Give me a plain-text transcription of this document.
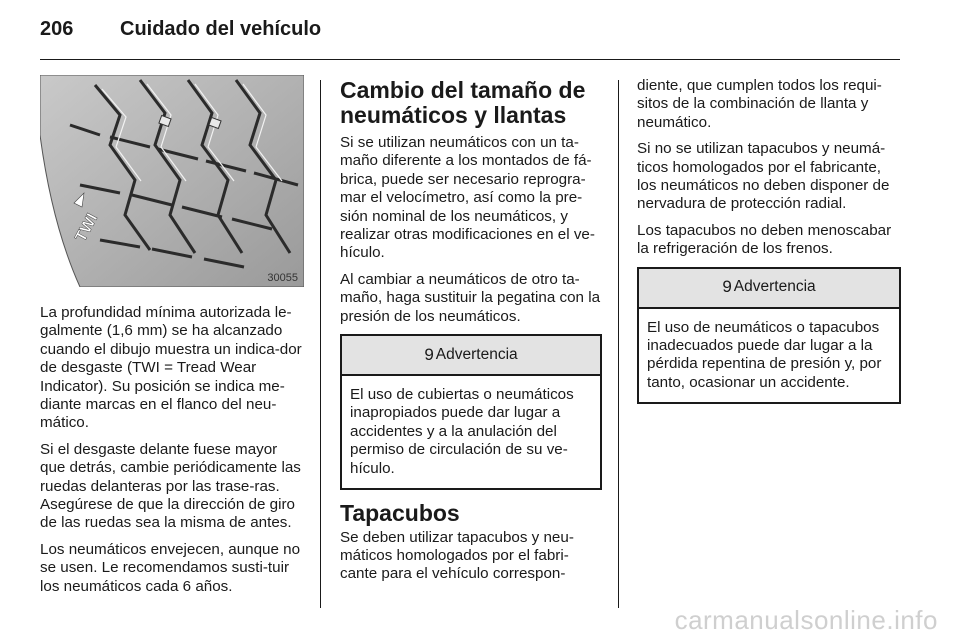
206 Cuidado del vehículo
TWI
30055

La profundidad mínima autorizada le-galmente (1,6 mm) se ha alcanzado cuando el dibujo muestra un indica-dor de desgaste (TWI = Tread Wear Indicator). Su posición se indica me-diante marcas en el flanco del neu-mático.

Si el desgaste delante fuese mayor que detrás, cambie periódicamente las ruedas delanteras por las trase-ras. Asegúrese de que la dirección de giro de las ruedas sea la misma de antes.

Los neumáticos envejecen, aunque no se usen. Le recomendamos susti-tuir los neumáticos cada 6 años.

Cambio del tamaño de neumáticos y llantas

Si se utilizan neumáticos con un ta-maño diferente a los montados de fá-brica, puede ser necesario reprogra-mar el velocímetro, así como la pre-sión nominal de los neumáticos, y realizar otras modificaciones en el ve-hículo.

Al cambiar a neumáticos de otro ta-maño, haga sustituir la pegatina con la presión de los neumáticos.

9 Advertencia
El uso de cubiertas o neumáticos inapropiados puede dar lugar a accidentes y a la anulación del permiso de circulación de su ve-hículo.
Tapacubos

Se deben utilizar tapacubos y neu-máticos homologados por el fabri-cante para el vehículo correspon-

diente, que cumplen todos los requi-sitos de la combinación de llanta y neumático.

Si no se utilizan tapacubos y neumá-ticos homologados por el fabricante, los neumáticos no deben disponer de nervadura de protección radial.

Los tapacubos no deben menoscabar la refrigeración de los frenos.

9 Advertencia
El uso de neumáticos o tapacubos inadecuados puede dar lugar a la pérdida repentina de presión y, por tanto, ocasionar un accidente.
carmanualsonline.info
